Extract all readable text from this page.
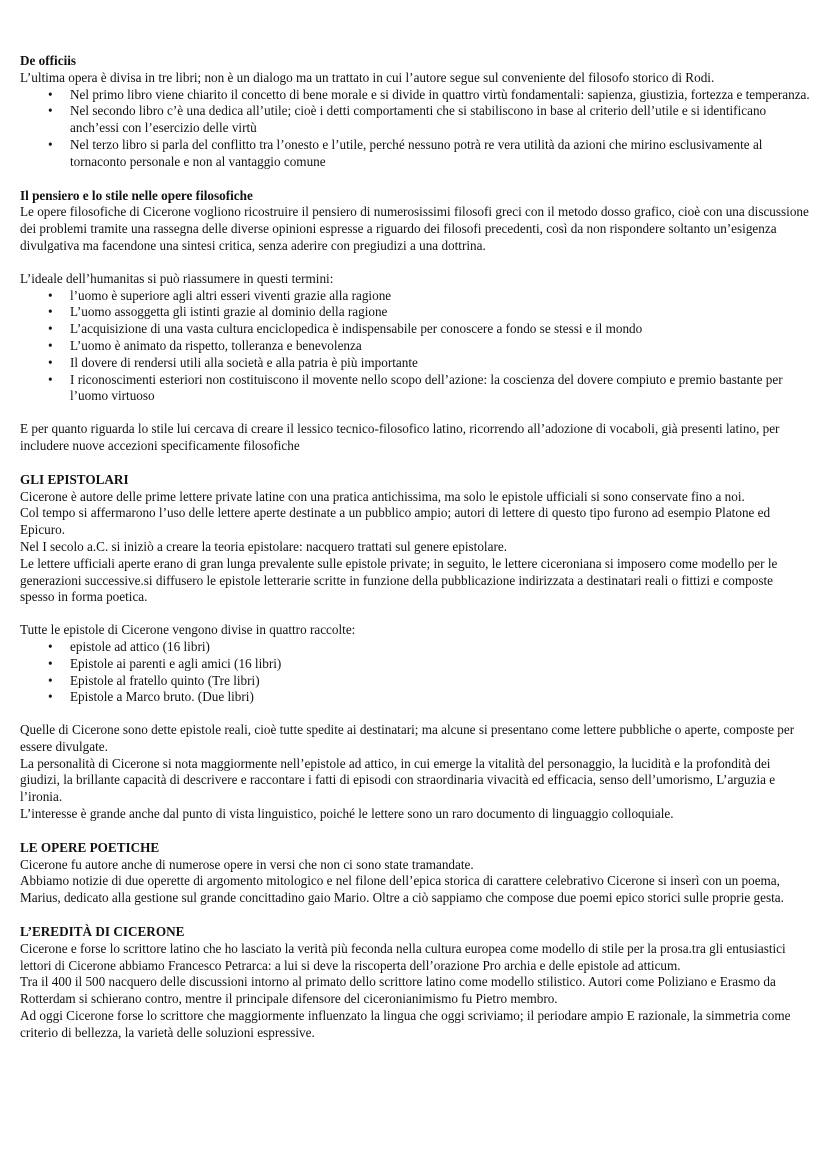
De officiis

L’ultima opera è divisa in tre libri; non è un dialogo ma un trattato in cui l’autore segue sul conveniente del filosofo storico di Rodi.

• Nel primo libro viene chiarito il concetto di bene morale e si divide in quattro virtù fondamentali: sapienza, giustizia, fortezza e temperanza.
• Nel secondo libro c’è una dedica all’utile; cioè i detti comportamenti che si stabiliscono in base al criterio dell’utile e si identificano anch’essi con l’esercizio delle virtù
• Nel terzo libro si parla del conflitto tra l’onesto e l’utile, perché nessuno potrà re vera utilità da azioni che mirino esclusivamente al tornaconto personale e non al vantaggio comune
Il pensiero e lo stile nelle opere filosofiche

Le opere filosofiche di Cicerone vogliono ricostruire il pensiero di numerosissimi filosofi greci con il metodo dosso grafico, cioè con una discussione dei problemi tramite una rassegna delle diverse opinioni espresse a riguardo dei filosofi precedenti, così da non rispondere soltanto un’esigenza divulgativa ma facendone una sintesi critica, senza aderire con pregiudizi a una dottrina.

L’ideale dell’humanitas si può riassumere in questi termini:

• l’uomo è superiore agli altri esseri viventi grazie alla ragione
• L’uomo assoggetta gli istinti grazie al dominio della ragione
• L’acquisizione di una vasta cultura enciclopedica è indispensabile per conoscere a fondo se stessi e il mondo
• L’uomo è animato da rispetto, tolleranza e benevolenza
• Il dovere di rendersi utili alla società e alla patria è più importante
• I riconoscimenti esteriori non costituiscono il movente nello scopo dell’azione: la coscienza del dovere compiuto e premio bastante per l’uomo virtuoso

E per quanto riguarda lo stile lui cercava di creare il lessico tecnico-filosofico latino, ricorrendo all’adozione di vocaboli, già presenti latino, per includere nuove accezioni specificamente filosofiche

GLI EPISTOLARI

Cicerone è autore delle prime lettere private latine con una pratica antichissima, ma solo le epistole ufficiali si sono conservate fino a noi.

Col tempo si affermarono l’uso delle lettere aperte destinate a un pubblico ampio; autori di lettere di questo tipo furono ad esempio Platone ed Epicuro.

Nel I secolo a.C. si iniziò a creare la teoria epistolare: nacquero trattati sul genere epistolare.

Le lettere ufficiali aperte erano di gran lunga prevalente sulle epistole private; in seguito, le lettere ciceroniana si imposero come modello per le generazioni successive.si diffusero le epistole letterarie scritte in funzione della pubblicazione indirizzata a destinatari reali o fittizi e composte spesso in forma poetica.

Tutte le epistole di Cicerone vengono divise in quattro raccolte:

• epistole ad attico (16 libri)
• Epistole ai parenti e agli amici (16 libri)
• Epistole al fratello quinto (Tre libri)
• Epistole a Marco bruto. (Due libri)

Quelle di Cicerone sono dette epistole reali, cioè tutte spedite ai destinatari; ma alcune si presentano come lettere pubbliche o aperte, composte per essere divulgate.

La personalità di Cicerone si nota maggiormente nell’epistole ad attico, in cui emerge la vitalità del personaggio, la lucidità e la profondità dei giudizi, la brillante capacità di descrivere e raccontare i fatti di episodi con straordinaria vivacità ed efficacia, senso dell’umorismo, L’arguzia e l’ironia.

L’interesse è grande anche dal punto di vista linguistico, poiché le lettere sono un raro documento di linguaggio colloquiale.

LE OPERE POETICHE

Cicerone fu autore anche di numerose opere in versi che non ci sono state tramandate.

Abbiamo notizie di due operette di argomento mitologico e nel filone dell’epica storica di carattere celebrativo Cicerone si inserì con un poema, Marius, dedicato alla gestione sul grande concittadino gaio Mario. Oltre a ciò sappiamo che compose due poemi epico storici sulle proprie gesta.

L’EREDITÀ DI CICERONE

Cicerone e forse lo scrittore latino che ho lasciato la verità più feconda nella cultura europea come modello di stile per la prosa.tra gli entusiastici lettori di Cicerone abbiamo Francesco Petrarca: a lui si deve la riscoperta dell’orazione Pro archia e delle epistole ad atticum.

Tra il 400 il 500 nacquero delle discussioni intorno al primato dello scrittore latino come modello stilistico. Autori come Poliziano e Erasmo da Rotterdam si schierano contro, mentre il principale difensore del ciceronianimismo fu Pietro membro.

Ad oggi Cicerone forse lo scrittore che maggiormente influenzato la lingua che oggi scriviamo; il periodare ampio E razionale, la simmetria come criterio di bellezza, la varietà delle soluzioni espressive.
